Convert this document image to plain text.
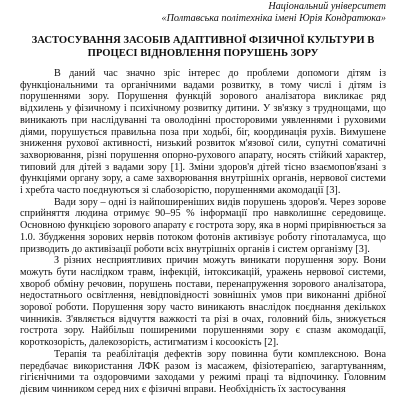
Національний університет
«Полтавська політехніка імені Юрія Кондратюка»
ЗАСТОСУВАННЯ ЗАСОБІВ АДАПТИВНОЇ ФІЗИЧНОЇ КУЛЬТУРИ В
ПРОЦЕСІ ВІДНОВЛЕННЯ ПОРУШЕНЬ ЗОРУ

В даний час значно зріс інтерес до проблеми допомоги дітям із функціональними та органічними вадами розвитку, в тому числі і дітям із порушеннями зору. Порушення функцій зорового аналізатора викликає ряд відхилень у фізичному і психічному розвитку дитини. У зв'язку з труднощами, що виникають при наслідуванні та оволодінні просторовими уявленнями і руховими діями, порушується правильна поза при ходьбі, біг, координація рухів. Вимушене зниження рухової активності, низький розвиток м'язової сили, супутні соматичні захворювання, різні порушення опорно-рухового апарату, носять стійкий характер, типовий для дітей з вадами зору [1]. Зміни здоров'я дітей тісно взаємопов'язані з функціями органу зору, а саме захворювання внутрішніх органів, нервової системи і хребта часто поєднуються зі слабозорістю, порушеннями акомодації [3].

Вади зору – одні із найпоширеніших видів порушень здоров'я. Через зорове сприйняття людина отримує 90–95 % інформації про навколишнє середовище. Основною функцією зорового апарату є гострота зору, яка в нормі прирівнюється за 1.0. Збудження зорових нервів потоком фотонів активізує роботу гіпоталамуса, що призводить до активізації роботи всіх внутрішніх органів і систем організму [3].

З різних несприятливих причин можуть виникати порушення зору. Вони можуть бути наслідком травм, інфекцій, інтоксикацій, уражень нервової системи, хвороб обміну речовин, порушень постави, перенапруження зорового аналізатора, недостатнього освітлення, невідповідності зовнішніх умов при виконанні дрібної зорової роботи. Порушення зору часто виникають внаслідок поєднання декількох чинників. З'являється відчуття важкості та різі в очах, головний біль, знижується гострота зору. Найбільш поширеними порушеннями зору є спазм акомодації, короткозорість, далекозорість, астигматизм і косоокість [2].

Терапія та реабілітація дефектів зору повинна бути комплексною. Вона передбачає використання ЛФК разом із масажем, фізіотерапією, загартуванням, гігієнічними та оздоровчими заходами у режимі праці та відпочинку. Головним дієвим чинником серед них є фізичні вправи. Необхідність їх застосування
